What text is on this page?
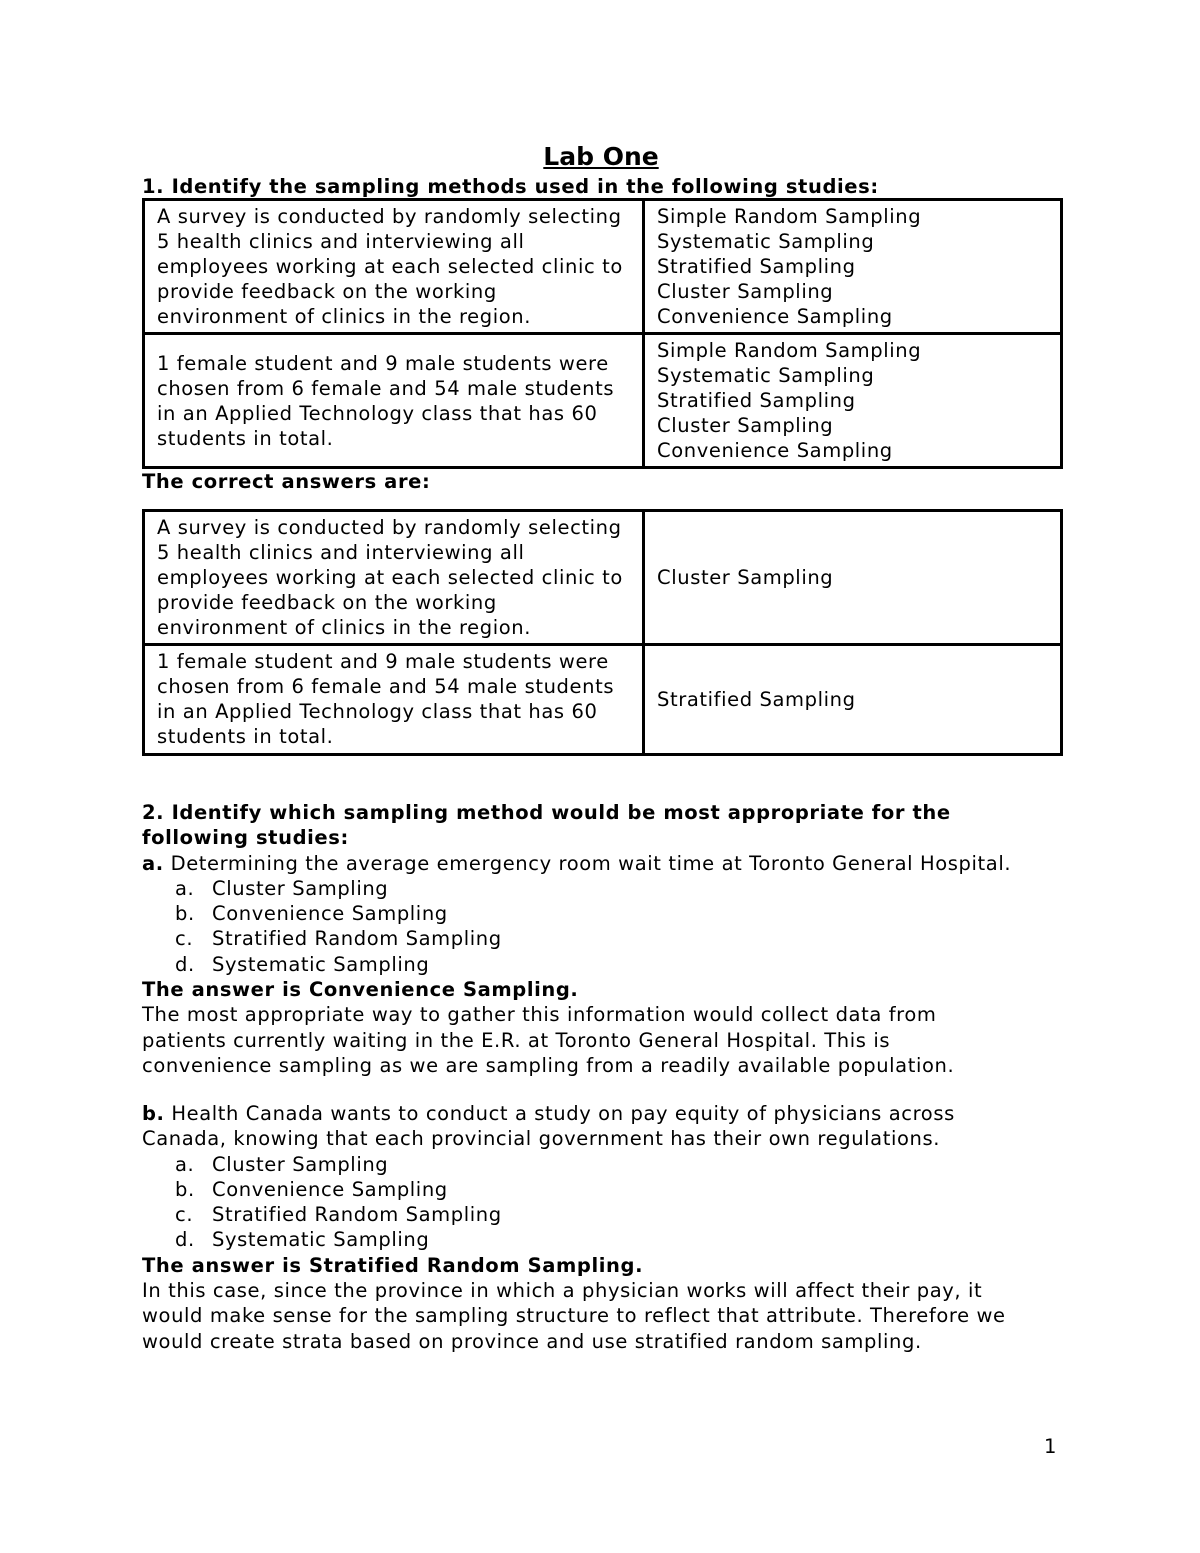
Lab One
1. Identify the sampling methods used in the following studies:
A survey is conducted by randomly selecting 5 health clinics and interviewing all employees working at each selected clinic to provide feedback on the working environment of clinics in the region.	Simple Random Sampling
Systematic Sampling
Stratified Sampling
Cluster Sampling
Convenience Sampling

1 female student and 9 male students were chosen from 6 female and 54 male students in an Applied Technology class that has 60 students in total.	Simple Random Sampling
Systematic Sampling
Stratified Sampling
Cluster Sampling
Convenience Sampling
The correct answers are:
A survey is conducted by randomly selecting 5 health clinics and interviewing all employees working at each selected clinic to provide feedback on the working environment of clinics in the region.	Cluster Sampling
1 female student and 9 male students were chosen from 6 female and 54 male students in an Applied Technology class that has 60 students in total.	Stratified Sampling
2. Identify which sampling method would be most appropriate for the
following studies:
a. Determining the average emergency room wait time at Toronto General Hospital.
a. Cluster Sampling
b. Convenience Sampling
c. Stratified Random Sampling
d. Systematic Sampling
The answer is Convenience Sampling.
The most appropriate way to gather this information would collect data from
patients currently waiting in the E.R. at Toronto General Hospital. This is
convenience sampling as we are sampling from a readily available population.
b. Health Canada wants to conduct a study on pay equity of physicians across
Canada, knowing that each provincial government has their own regulations.
a. Cluster Sampling
b. Convenience Sampling
c. Stratified Random Sampling
d. Systematic Sampling
The answer is Stratified Random Sampling.
In this case, since the province in which a physician works will affect their pay, it
would make sense for the sampling structure to reflect that attribute. Therefore we
would create strata based on province and use stratified random sampling.
1
